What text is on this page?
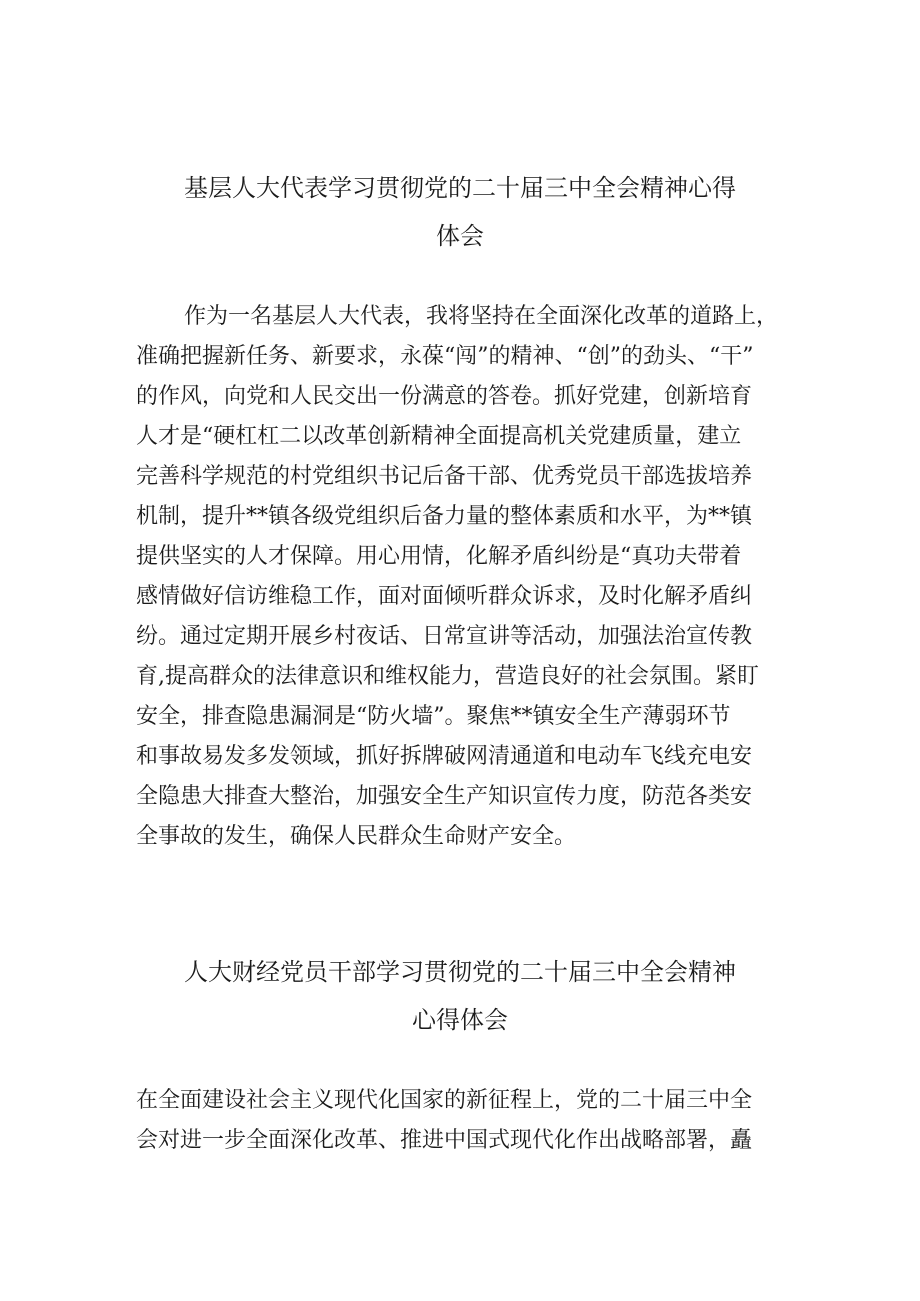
基层人大代表学习贯彻党的二十届三中全会精神心得
体会
作为一名基层人大代表，我将坚持在全面深化改革的道路上，
准确把握新任务、新要求，永葆“闯”的精神、“创”的劲头、“干”
的作风，向党和人民交出一份满意的答卷。抓好党建，创新培育
人才是“硬杠杠二以改革创新精神全面提高机关党建质量，建立
完善科学规范的村党组织书记后备干部、优秀党员干部选拔培养
机制，提升**镇各级党组织后备力量的整体素质和水平，为**镇
提供坚实的人才保障。用心用情，化解矛盾纠纷是“真功夫带着
感情做好信访维稳工作，面对面倾听群众诉求，及时化解矛盾纠
纷。通过定期开展乡村夜话、日常宣讲等活动，加强法治宣传教
育,提高群众的法律意识和维权能力，营造良好的社会氛围。紧盯
安全，排查隐患漏洞是“防火墙”。聚焦**镇安全生产薄弱环节
和事故易发多发领域，抓好拆牌破网清通道和电动车飞线充电安
全隐患大排查大整治，加强安全生产知识宣传力度，防范各类安
全事故的发生，确保人民群众生命财产安全。
人大财经党员干部学习贯彻党的二十届三中全会精神
心得体会
在全面建设社会主义现代化国家的新征程上，党的二十届三中全
会对进一步全面深化改革、推进中国式现代化作出战略部署，矗
